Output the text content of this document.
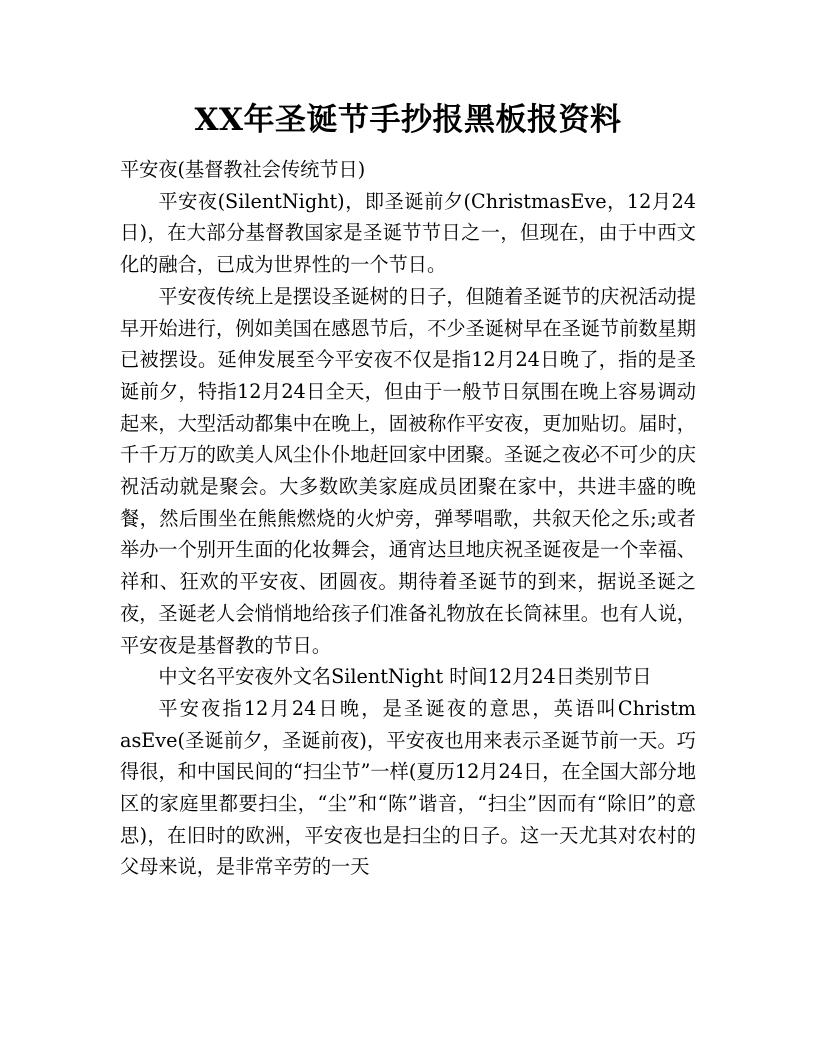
XX年圣诞节手抄报黑板报资料

平安夜(基督教社会传统节日)

平安夜(SilentNight)，即圣诞前夕(ChristmasEve，12月24日)，在大部分基督教国家是圣诞节节日之一，但现在，由于中西文化的融合，已成为世界性的一个节日。

平安夜传统上是摆设圣诞树的日子，但随着圣诞节的庆祝活动提早开始进行，例如美国在感恩节后，不少圣诞树早在圣诞节前数星期已被摆设。延伸发展至今平安夜不仅是指12月24日晚了，指的是圣诞前夕，特指12月24日全天，但由于一般节日氛围在晚上容易调动起来，大型活动都集中在晚上，固被称作平安夜，更加贴切。届时，千千万万的欧美人风尘仆仆地赶回家中团聚。圣诞之夜必不可少的庆祝活动就是聚会。大多数欧美家庭成员团聚在家中，共进丰盛的晚餐，然后围坐在熊熊燃烧的火炉旁，弹琴唱歌，共叙天伦之乐;或者举办一个别开生面的化妆舞会，通宵达旦地庆祝圣诞夜是一个幸福、祥和、狂欢的平安夜、团圆夜。期待着圣诞节的到来，据说圣诞之夜，圣诞老人会悄悄地给孩子们准备礼物放在长筒袜里。也有人说，平安夜是基督教的节日。

中文名平安夜外文名SilentNight 时间12月24日类别节日

平安夜指12月24日晚，是圣诞夜的意思，英语叫Christm asEve(圣诞前夕，圣诞前夜)，平安夜也用来表示圣诞节前一天。巧得很，和中国民间的“扫尘节”一样(夏历12月24日，在全国大部分地区的家庭里都要扫尘，“尘”和“陈”谐音，“扫尘”因而有“除旧”的意思)，在旧时的欧洲，平安夜也是扫尘的日子。这一天尤其对农村的父母来说，是非常辛劳的一天
